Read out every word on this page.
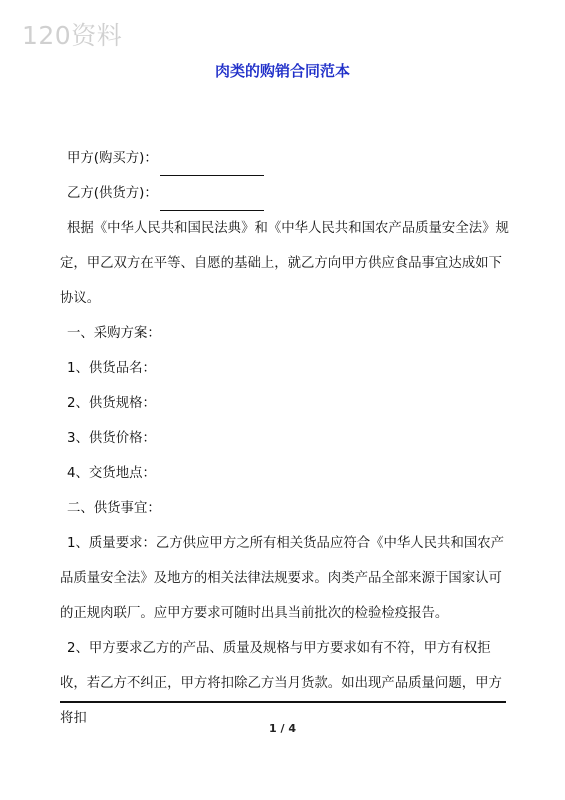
120资料
肉类的购销合同范本

甲方(购买方)：

乙方(供货方)：

根据《中华人民共和国民法典》和《中华人民共和国农产品质量安全法》规定，甲乙双方在平等、自愿的基础上，就乙方向甲方供应食品事宜达成如下协议。

一、采购方案：

1、供货品名：

2、供货规格：

3、供货价格：

4、交货地点：

二、供货事宜：

1、质量要求：乙方供应甲方之所有相关货品应符合《中华人民共和国农产品质量安全法》及地方的相关法律法规要求。肉类产品全部来源于国家认可的正规肉联厂。应甲方要求可随时出具当前批次的检验检疫报告。

2、甲方要求乙方的产品、质量及规格与甲方要求如有不符，甲方有权拒收，若乙方不纠正，甲方将扣除乙方当月货款。如出现产品质量问题，甲方将扣

1 / 4
